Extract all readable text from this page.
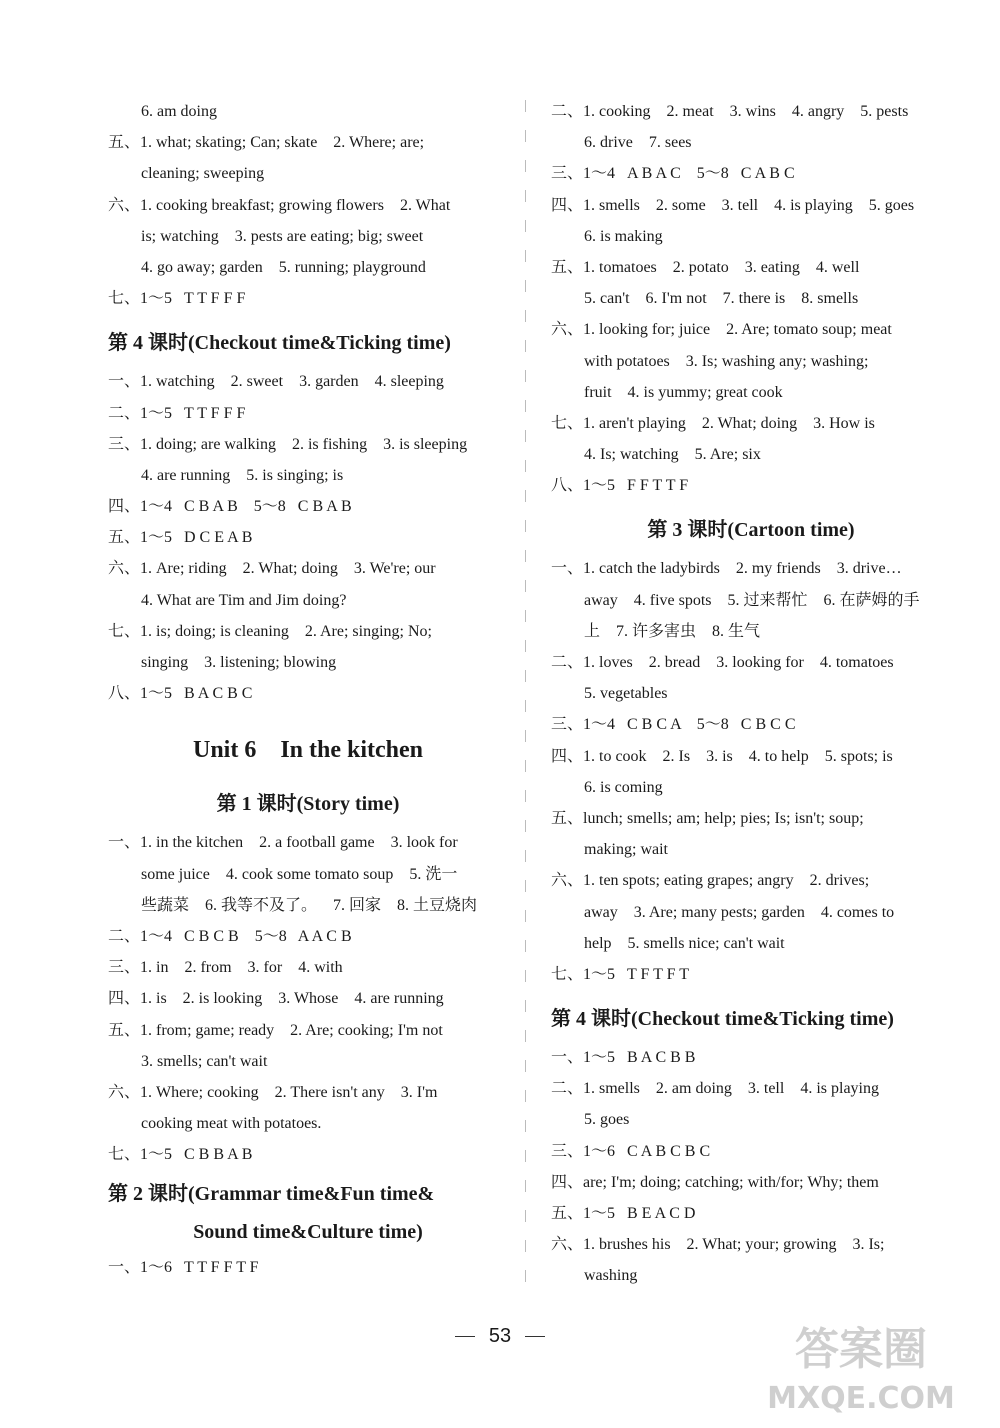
6. am doing
五、1. what; skating; Can; skate    2. Where; are;
cleaning; sweeping
六、1. cooking breakfast; growing flowers    2. What
is; watching    3. pests are eating; big; sweet
4. go away; garden    5. running; playground
七、1～5   T T F F F
第 4 课时(Checkout time&Ticking time)
一、1. watching    2. sweet    3. garden    4. sleeping
二、1～5   T T F F F
三、1. doing; are walking    2. is fishing    3. is sleeping
4. are running    5. is singing; is
四、1～4   C B A B    5～8   C B A B
五、1～5   D C E A B
六、1. Are; riding    2. What; doing    3. We're; our
4. What are Tim and Jim doing?
七、1. is; doing; is cleaning    2. Are; singing; No;
singing    3. listening; blowing
八、1～5   B A C B C
Unit 6    In the kitchen
第 1 课时(Story time)
一、1. in the kitchen    2. a football game    3. look for
some juice    4. cook some tomato soup    5. 洗一
些蔬菜    6. 我等不及了。    7. 回家    8. 土豆烧肉
二、1～4   C B C B    5～8   A A C B
三、1. in    2. from    3. for    4. with
四、1. is    2. is looking    3. Whose    4. are running
五、1. from; game; ready    2. Are; cooking; I'm not
3. smells; can't wait
六、1. Where; cooking    2. There isn't any    3. I'm
cooking meat with potatoes.
七、1～5   C B B A B
第 2 课时(Grammar time&Fun time&
Sound time&Culture time)
一、1～6   T T F F T F
二、1. cooking    2. meat    3. wins    4. angry    5. pests
6. drive    7. sees
三、1～4   A B A C    5～8   C A B C
四、1. smells    2. some    3. tell    4. is playing    5. goes
6. is making
五、1. tomatoes    2. potato    3. eating    4. well
5. can't    6. I'm not    7. there is    8. smells
六、1. looking for; juice    2. Are; tomato soup; meat
with potatoes    3. Is; washing any; washing;
fruit    4. is yummy; great cook
七、1. aren't playing    2. What; doing    3. How is
4. Is; watching    5. Are; six
八、1～5   F F T T F
第 3 课时(Cartoon time)
一、1. catch the ladybirds    2. my friends    3. drive…
away    4. five spots    5. 过来帮忙    6. 在萨姆的手
上    7. 许多害虫    8. 生气
二、1. loves    2. bread    3. looking for    4. tomatoes
5. vegetables
三、1～4   C B C A    5～8   C B C C
四、1. to cook    2. Is    3. is    4. to help    5. spots; is
6. is coming
五、lunch; smells; am; help; pies; Is; isn't; soup;
making; wait
六、1. ten spots; eating grapes; angry    2. drives;
away    3. Are; many pests; garden    4. comes to
help    5. smells nice; can't wait
七、1～5   T F T F T
第 4 课时(Checkout time&Ticking time)
一、1～5   B A C B B
二、1. smells    2. am doing    3. tell    4. is playing
5. goes
三、1～6   C A B C B C
四、are; I'm; doing; catching; with/for; Why; them
五、1～5   B E A C D
六、1. brushes his    2. What; your; growing    3. Is;
washing
53	答案圈
MXQE.COM
